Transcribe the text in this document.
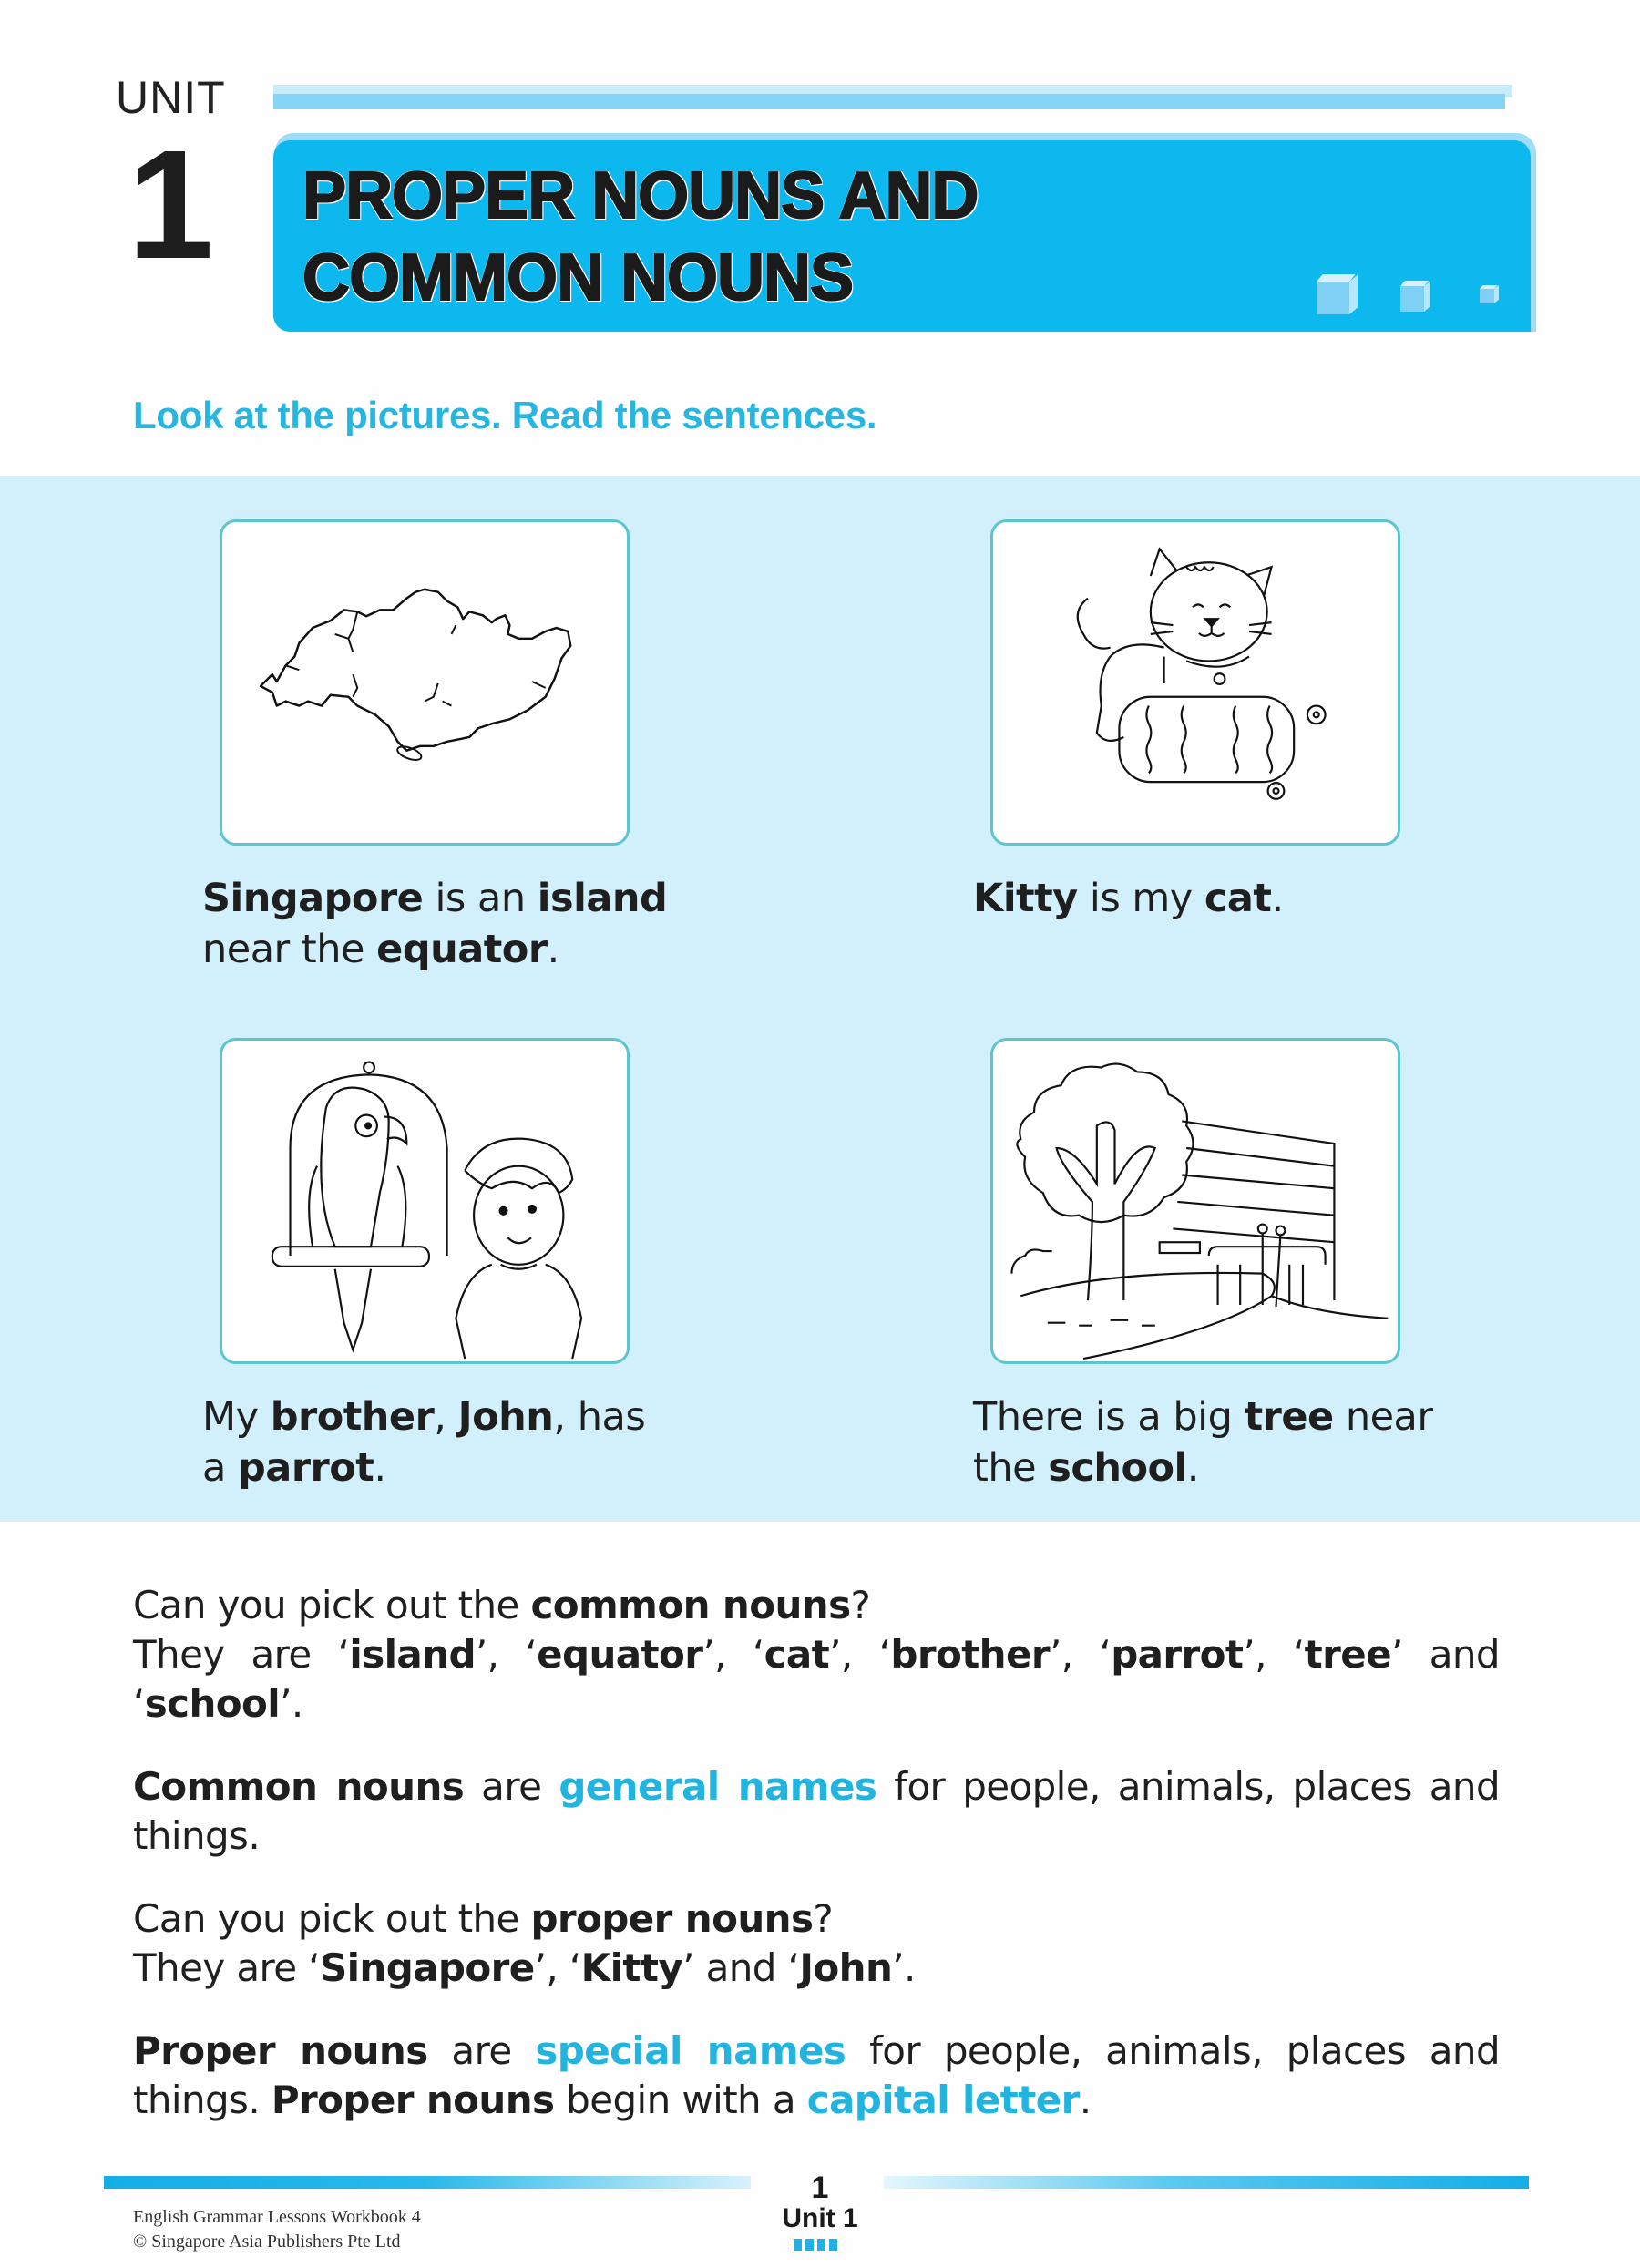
UNIT
1 PROPER NOUNS AND
COMMON NOUNS
Look at the pictures. Read the sentences.
Singapore is an island
near the equator.
Kitty is my cat.
My brother, John, has
a parrot.
There is a big tree near
the school.
Can you pick out the common nouns?
They are ‘island’, ‘equator’, ‘cat’, ‘brother’, ‘parrot’, ‘tree’ and ‘school’.
Common nouns are general names for people, animals, places and things.
Can you pick out the proper nouns?
They are ‘Singapore’, ‘Kitty’ and ‘John’.
Proper nouns are special names for people, animals, places and things. Proper nouns begin with a capital letter.
1
Unit 1
English Grammar Lessons Workbook 4
© Singapore Asia Publishers Pte Ltd
